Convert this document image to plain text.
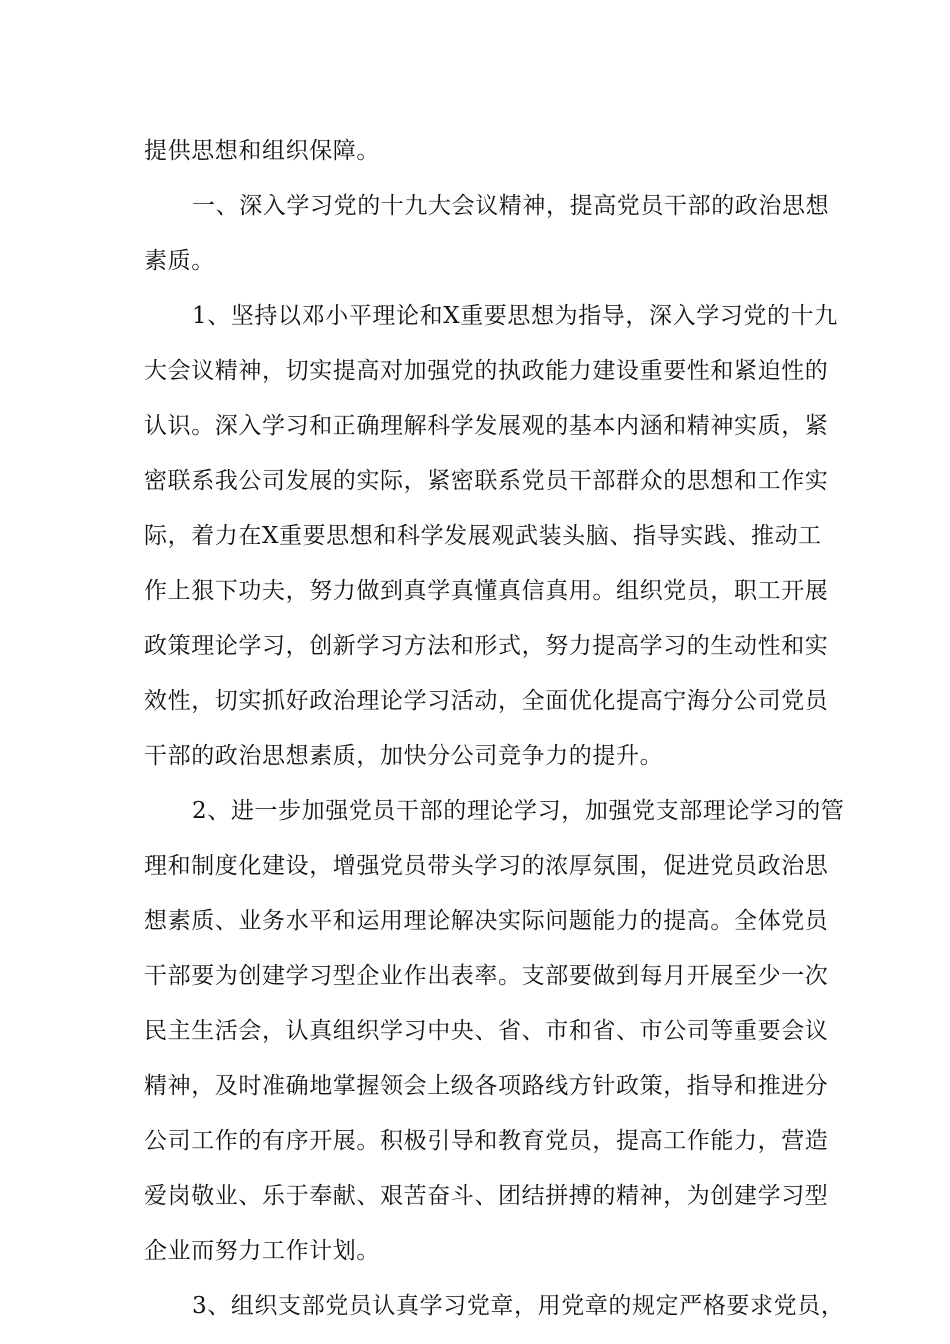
提供思想和组织保障。
一、深入学习党的十九大会议精神，提高党员干部的政治思想
素质。
1、坚持以邓小平理论和X重要思想为指导，深入学习党的十九
大会议精神，切实提高对加强党的执政能力建设重要性和紧迫性的
认识。深入学习和正确理解科学发展观的基本内涵和精神实质，紧
密联系我公司发展的实际，紧密联系党员干部群众的思想和工作实
际，着力在X重要思想和科学发展观武装头脑、指导实践、推动工
作上狠下功夫，努力做到真学真懂真信真用。组织党员，职工开展
政策理论学习，创新学习方法和形式，努力提高学习的生动性和实
效性，切实抓好政治理论学习活动，全面优化提高宁海分公司党员
干部的政治思想素质，加快分公司竞争力的提升。
2、进一步加强党员干部的理论学习，加强党支部理论学习的管
理和制度化建设，增强党员带头学习的浓厚氛围，促进党员政治思
想素质、业务水平和运用理论解决实际问题能力的提高。全体党员
干部要为创建学习型企业作出表率。支部要做到每月开展至少一次
民主生活会，认真组织学习中央、省、市和省、市公司等重要会议
精神，及时准确地掌握领会上级各项路线方针政策，指导和推进分
公司工作的有序开展。积极引导和教育党员，提高工作能力，营造
爱岗敬业、乐于奉献、艰苦奋斗、团结拼搏的精神，为创建学习型
企业而努力工作计划。
3、组织支部党员认真学习党章，用党章的规定严格要求党员，
